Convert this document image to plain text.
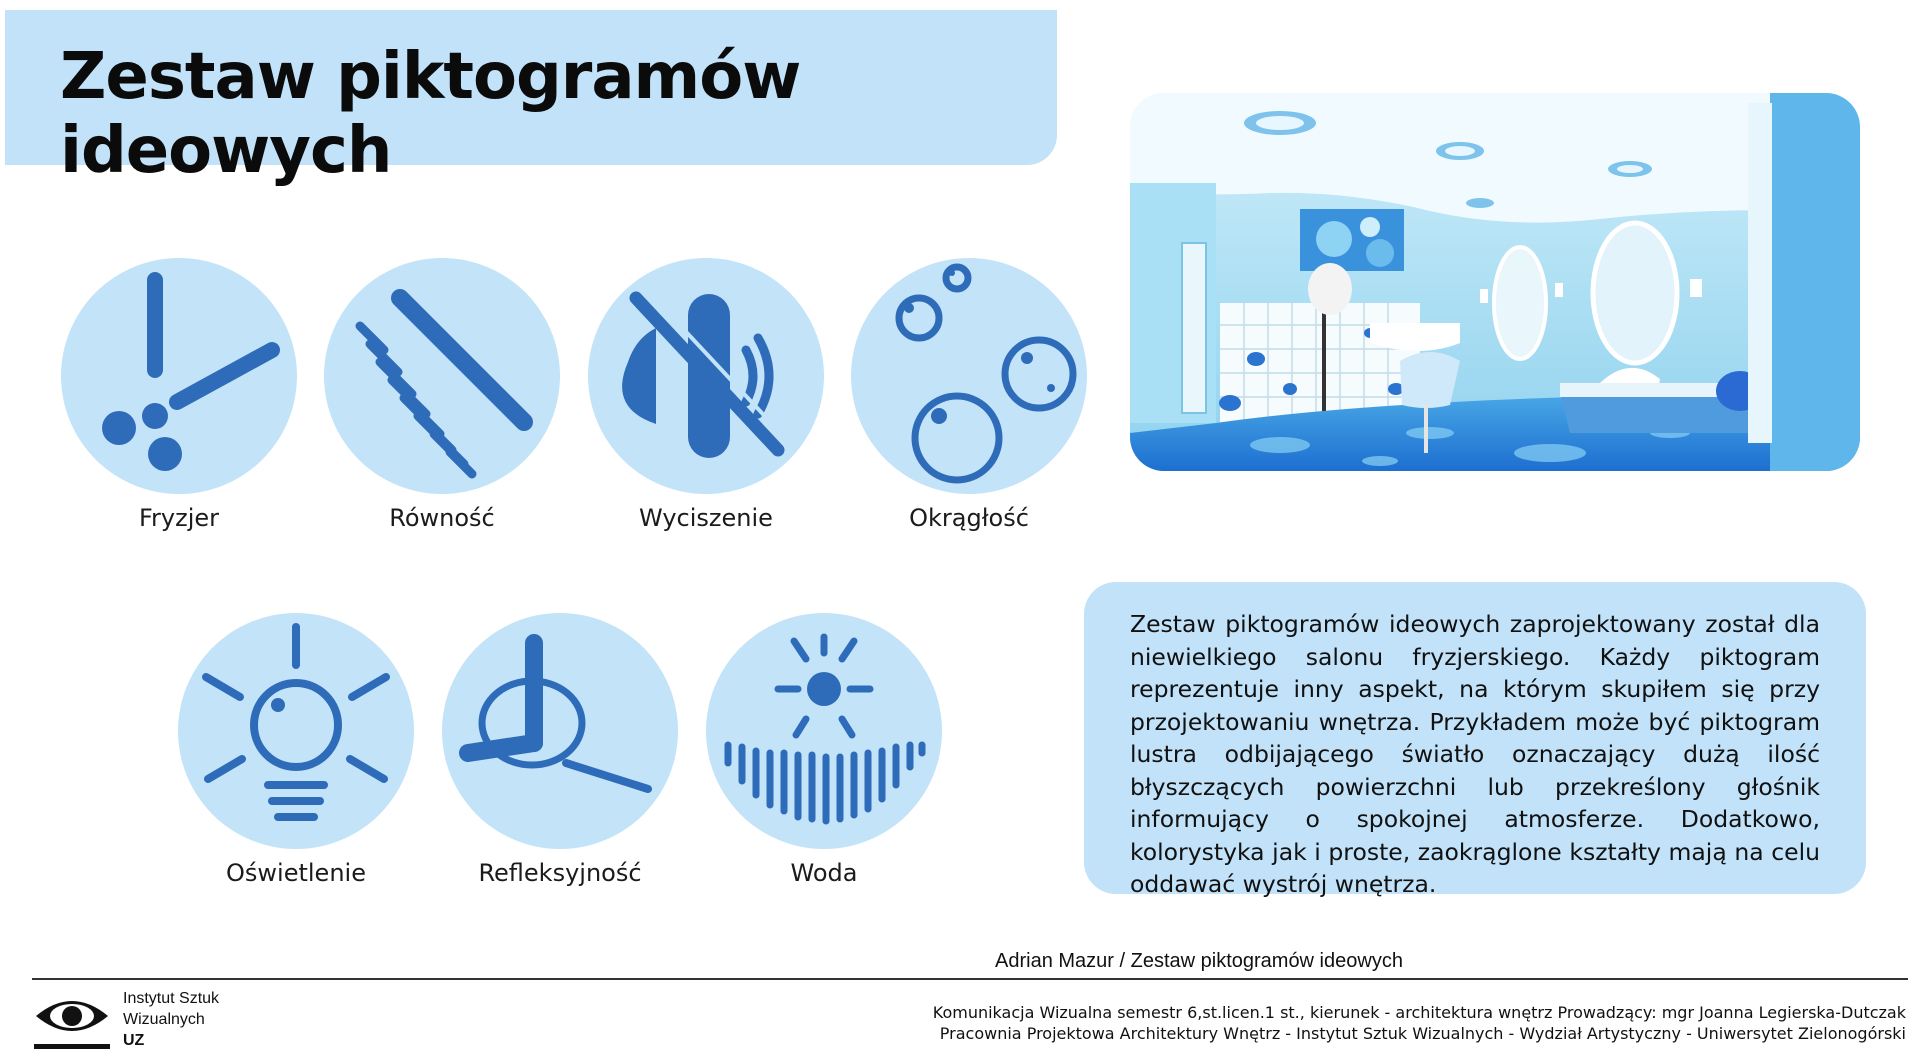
Zestaw piktogramów ideowych
Fryzjer	Równość	Wyciszenie	Okrągłość
Oświetlenie	Refleksyjność	Woda

Zestaw piktogramów ideowych zaprojektowany został dla niewielkiego salonu fryzjerskiego. Każdy piktogram reprezentuje inny aspekt, na którym skupiłem się przy przojektowaniu wnętrza. Przykładem może być piktogram lustra odbijającego światło oznaczający dużą ilość błyszczących powierzchni lub przekreślony głośnik informujący o spokojnej atmosferze. Dodatkowo, kolorystyka jak i proste, zaokrąglone kształty mają na celu oddawać wystrój wnętrza.

Adrian Mazur / Zestaw piktogramów ideowych
Instytut Sztuk
Wizualnych
UZ
Komunikacja Wizualna semestr 6,st.licen.1 st., kierunek - architektura wnętrz Prowadzący: mgr Joanna Legierska-Dutczak
Pracownia Projektowa Architektury Wnętrz - Instytut Sztuk Wizualnych - Wydział Artystyczny - Uniwersytet Zielonogórski
